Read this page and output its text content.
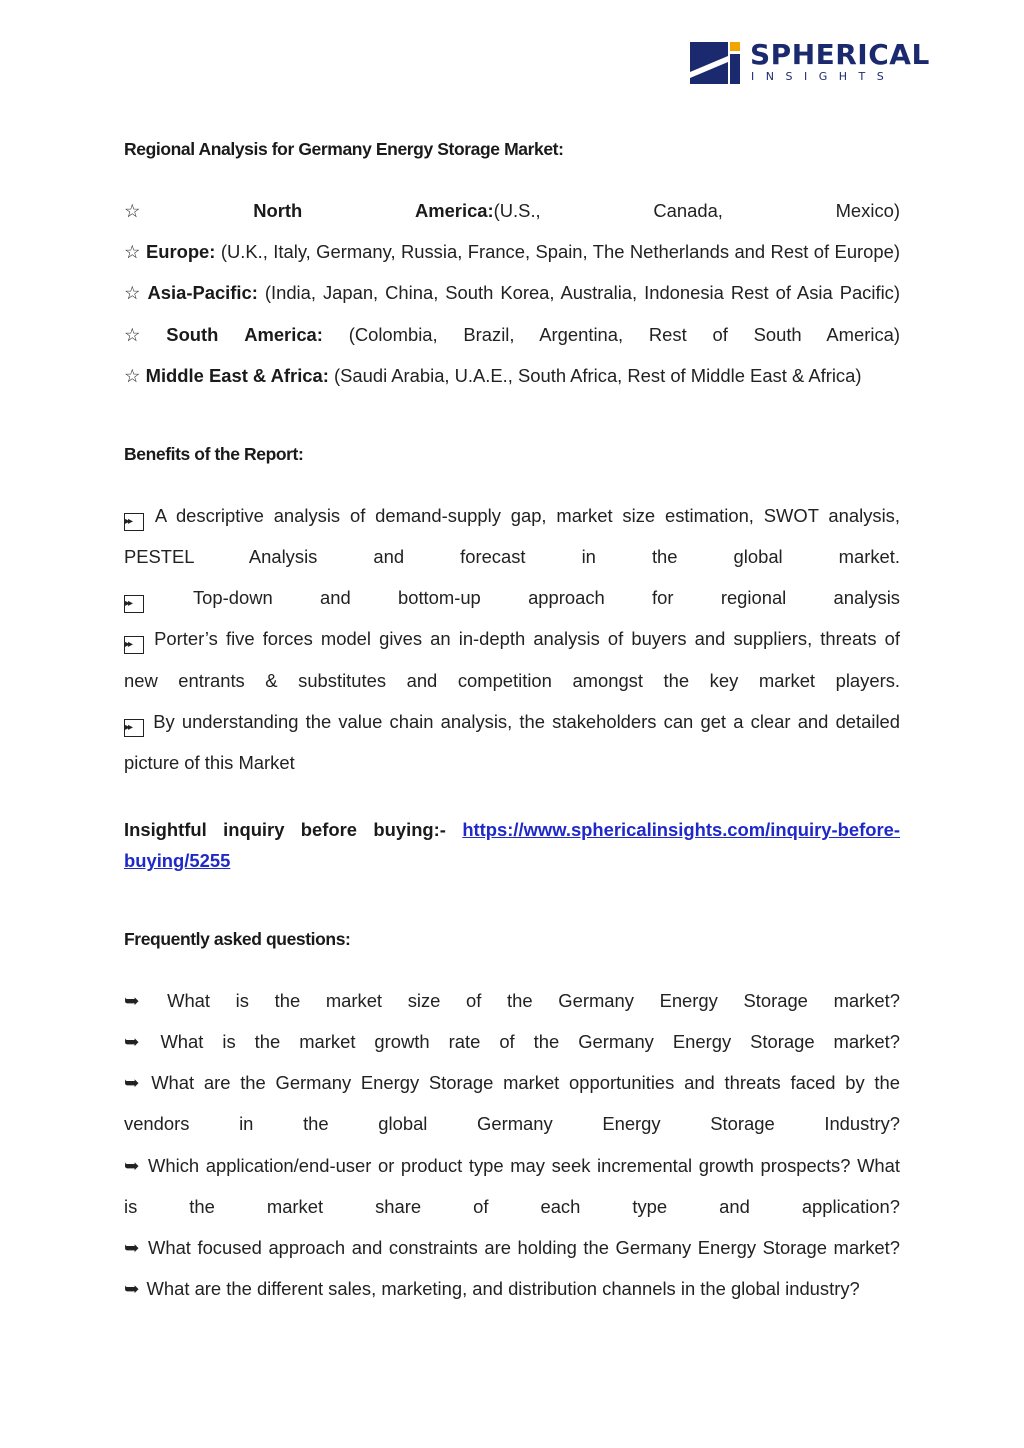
SPHERICAL
INSIGHTS
Regional Analysis for Germany Energy Storage Market:
☆	North	America:(U.S.,	Canada,	Mexico)
☆ Europe: (U.K., Italy, Germany, Russia, France, Spain, The Netherlands and Rest of Europe)
☆ Asia-Pacific: (India, Japan, China, South Korea, Australia, Indonesia Rest of Asia Pacific)
☆ South America: (Colombia, Brazil, Argentina, Rest of South America)
☆ Middle East & Africa: (Saudi Arabia, U.A.E., South Africa, Rest of Middle East & Africa)
Benefits of the Report:
▸▸ A descriptive analysis of demand-supply gap, market size estimation, SWOT analysis,
PESTEL Analysis and forecast in the global market.
▸▸	Top-down and bottom-up approach for regional analysis
▸▸ Porter’s five forces model gives an in-depth analysis of buyers and suppliers, threats of
new entrants & substitutes and competition amongst the key market players.
▸▸ By understanding the value chain analysis, the stakeholders can get a clear and detailed
picture of this Market
Insightful inquiry before buying:- https://www.sphericalinsights.com/inquiry-before-
buying/5255
Frequently asked questions:
➥ What is the market size of the Germany Energy Storage market?
➥ What is the market growth rate of the Germany Energy Storage market?
➥ What are the Germany Energy Storage market opportunities and threats faced by the
vendors in the global Germany Energy Storage Industry?
➥ Which application/end-user or product type may seek incremental growth prospects? What
is the market share of each type and application?
➥ What focused approach and constraints are holding the Germany Energy Storage market?
➥ What are the different sales, marketing, and distribution channels in the global industry?
